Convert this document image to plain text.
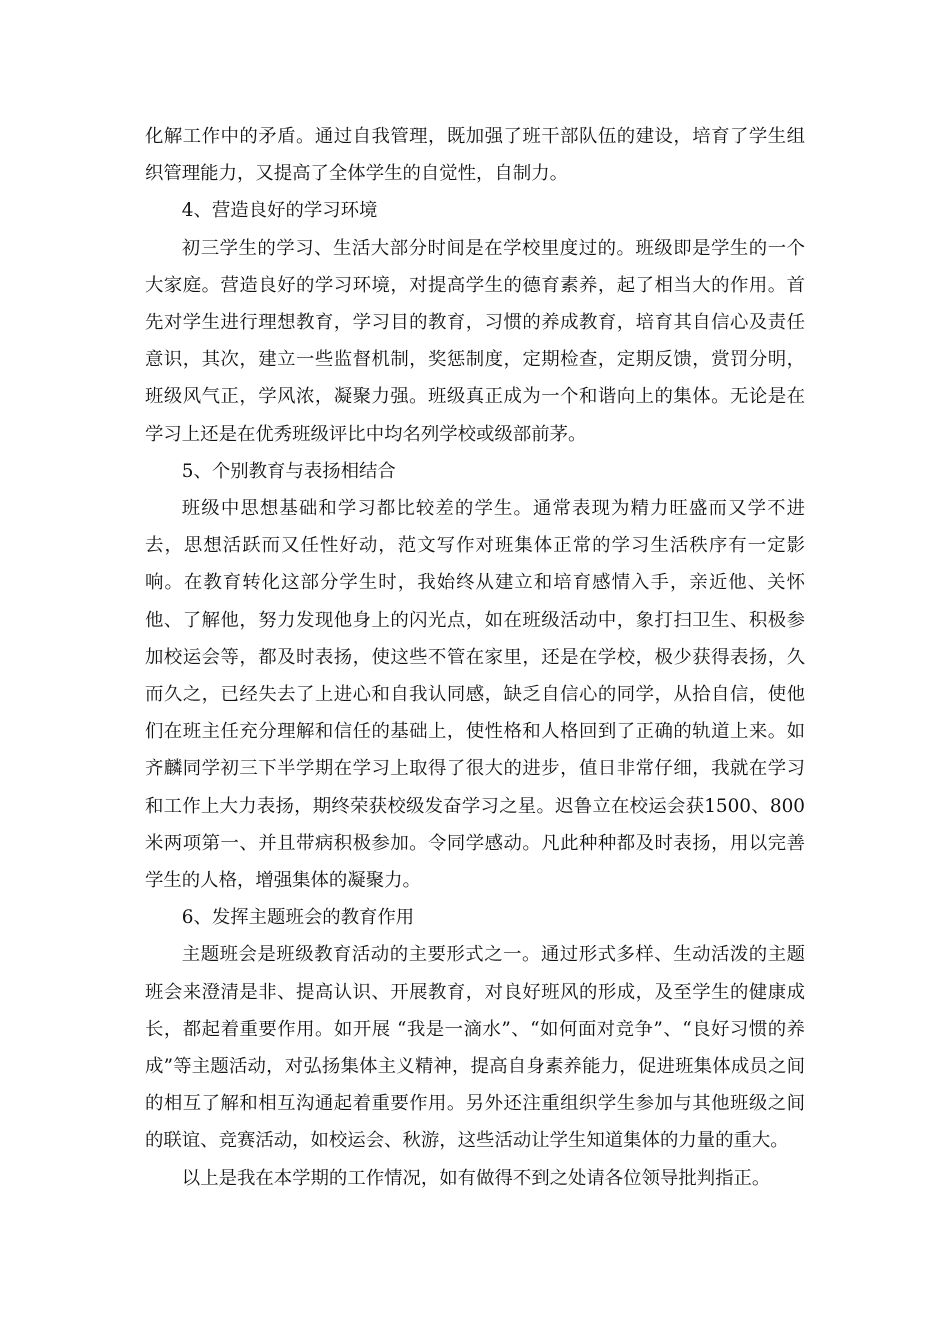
化解工作中的矛盾。通过自我管理，既加强了班干部队伍的建设，培育了学生组织管理能力，又提高了全体学生的自觉性，自制力。

4、营造良好的学习环境

初三学生的学习、生活大部分时间是在学校里度过的。班级即是学生的一个大家庭。营造良好的学习环境，对提高学生的德育素养，起了相当大的作用。首先对学生进行理想教育，学习目的教育，习惯的养成教育，培育其自信心及责任意识，其次，建立一些监督机制，奖惩制度，定期检查，定期反馈，赏罚分明，班级风气正，学风浓，凝聚力强。班级真正成为一个和谐向上的集体。无论是在学习上还是在优秀班级评比中均名列学校或级部前茅。

5、个别教育与表扬相结合

班级中思想基础和学习都比较差的学生。通常表现为精力旺盛而又学不进去，思想活跃而又任性好动，范文写作对班集体正常的学习生活秩序有一定影响。在教育转化这部分学生时，我始终从建立和培育感情入手，亲近他、关怀他、了解他，努力发现他身上的闪光点，如在班级活动中，象打扫卫生、积极参加校运会等，都及时表扬，使这些不管在家里，还是在学校，极少获得表扬，久而久之，已经失去了上进心和自我认同感，缺乏自信心的同学，从拾自信，使他们在班主任充分理解和信任的基础上，使性格和人格回到了正确的轨道上来。如齐麟同学初三下半学期在学习上取得了很大的进步，值日非常仔细，我就在学习和工作上大力表扬，期终荣获校级发奋学习之星。迟鲁立在校运会获1500、800米两项第一、并且带病积极参加。令同学感动。凡此种种都及时表扬，用以完善学生的人格，增强集体的凝聚力。

6、发挥主题班会的教育作用

主题班会是班级教育活动的主要形式之一。通过形式多样、生动活泼的主题班会来澄清是非、提高认识、开展教育，对良好班风的形成，及至学生的健康成长，都起着重要作用。如开展 “我是一滴水”、“如何面对竞争”、“良好习惯的养成”等主题活动，对弘扬集体主义精神，提高自身素养能力，促进班集体成员之间的相互了解和相互沟通起着重要作用。另外还注重组织学生参加与其他班级之间的联谊、竞赛活动，如校运会、秋游，这些活动让学生知道集体的力量的重大。

以上是我在本学期的工作情况，如有做得不到之处请各位领导批判指正。
